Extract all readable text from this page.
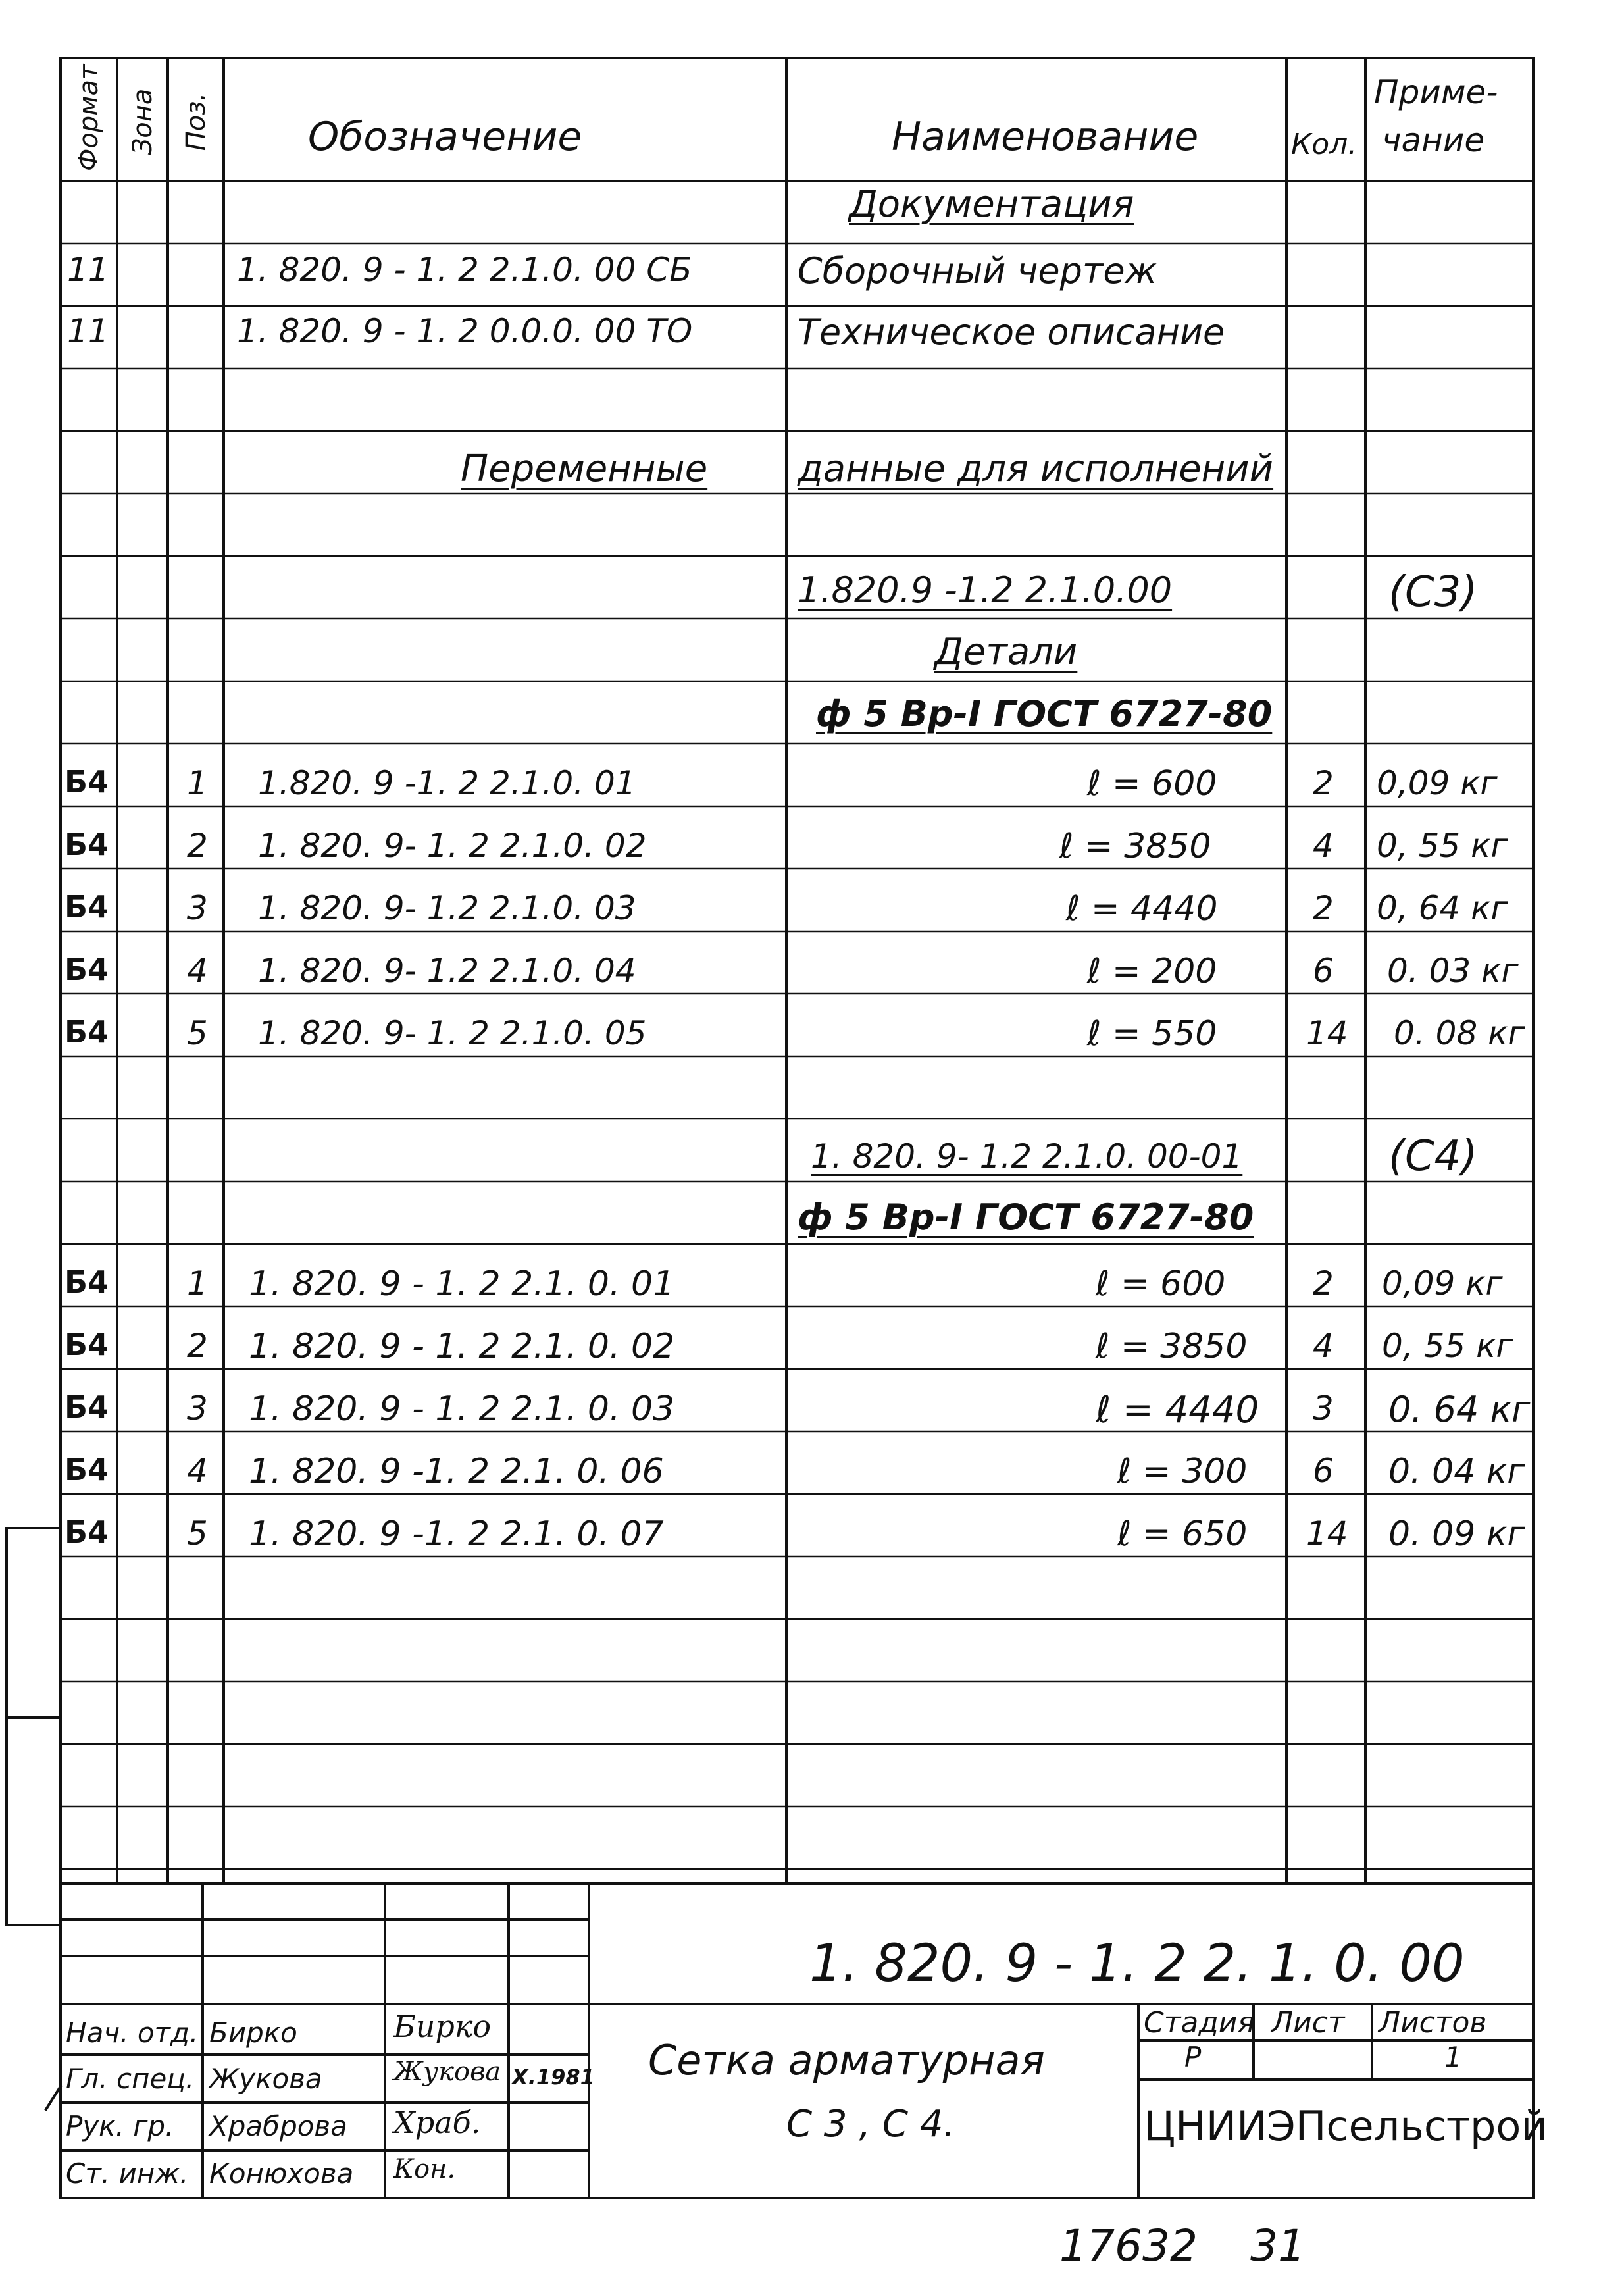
Формат Зона Поз. Обозначение	Наименование	Кол.
Приме-
чание
Документация
11	1. 820. 9 - 1. 2 2.1.0. 00 СБ	Сборочный чертеж
11	1. 820. 9 - 1. 2 0.0.0. 00 ТО	Техническое описание
Переменные данные для исполнений
1.820.9 -1.2 2.1.0.00	(С3)
Детали
ф 5 Вр-I ГОСТ 6727-80
Б4 1 1.820. 9 -1. 2 2.1.0. 01	ℓ = 600	2 0,09 кг
Б4 2 1. 820. 9- 1. 2 2.1.0. 02	ℓ = 3850	4 0, 55 кг
Б4 3 1. 820. 9- 1.2 2.1.0. 03	ℓ = 4440	2 0, 64 кг
Б4 4 1. 820. 9- 1.2 2.1.0. 04	ℓ = 200	6 0. 03 кг
Б4 5 1. 820. 9- 1. 2 2.1.0. 05	ℓ = 550	14 0. 08 кг
1. 820. 9- 1.2 2.1.0. 00-01	(С4)
ф 5 Вр-I ГОСТ 6727-80
Б4 1 1. 820. 9 - 1. 2 2.1. 0. 01	ℓ = 600	2 0,09 кг
Б4 2 1. 820. 9 - 1. 2 2.1. 0. 02	ℓ = 3850 4 0, 55 кг
Б4 3 1. 820. 9 - 1. 2 2.1. 0. 03	ℓ = 4440 3 0. 64 кг
Б4 4 1. 820. 9 -1. 2 2.1. 0. 06	ℓ = 300 6 0. 04 кг
Б4 5 1. 820. 9 -1. 2 2.1. 0. 07	ℓ = 650 14 0. 09 кг
1. 820. 9 - 1. 2 2. 1. 0. 00
Стадия Лист Листов
Р	1
Сетка арматурная
С 3 , С 4.	ЦНИИЭПсельстрой
Нач. отд. Бирко	Бирко
Гл. спец. Жукова	Жукова Х.1981
Рук. гр. Храброва Храб.
Ст. инж. Конюхова Кон.
17632 31
